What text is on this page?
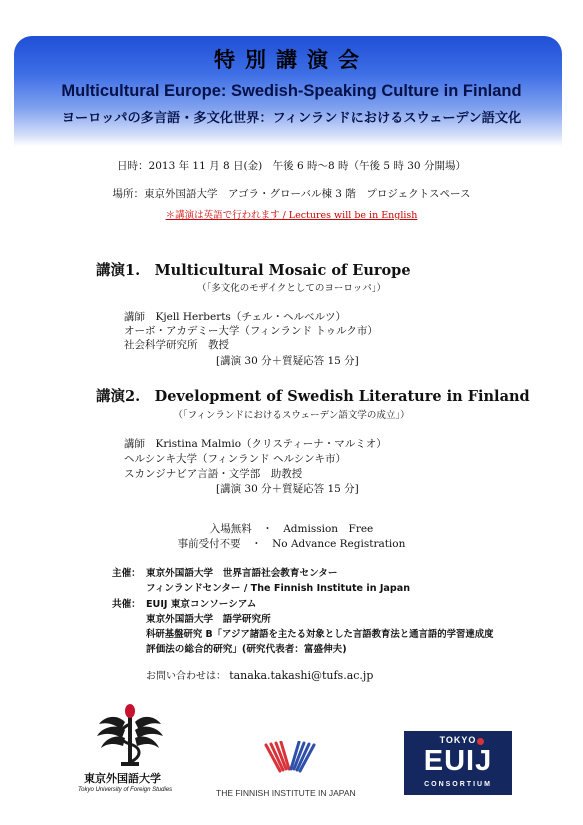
特別講演会
Multicultural Europe: Swedish-Speaking Culture in Finland
ヨーロッパの多言語・多文化世界：フィンランドにおけるスウェーデン語文化
日時：2013 年 11 月 8 日(金)　午後 6 時～8 時（午後 5 時 30 分開場）
場所：東京外国語大学　アゴラ・グローバル棟 3 階　プロジェクトスペース
＊講演は英語で行われます / Lectures will be in English
講演1.　Multicultural Mosaic of Europe
（「多文化のモザイクとしてのヨーロッパ」）
講師　Kjell Herberts（チェル・ヘルベルツ）
オーボ・アカデミー大学（フィンランド トゥルク市）
社会科学研究所　教授
[講演 30 分＋質疑応答 15 分]
講演2.　Development of Swedish Literature in Finland
（「フィンランドにおけるスウェーデン語文学の成立」）
講師　Kristina Malmio（クリスティーナ・マルミオ）
ヘルシンキ大学（フィンランド ヘルシンキ市）
スカンジナビア言語・文学部　助教授
[講演 30 分＋質疑応答 15 分]
入場無料　・　Admission　Free
事前受付不要　・　No Advance Registration
主催： 東京外国語大学　世界言語社会教育センター
フィンランドセンター / The Finnish Institute in Japan
共催： EUIJ 東京コンソーシアム
東京外国語大学　語学研究所
科研基盤研究 B「アジア諸語を主たる対象とした言語教育法と通言語的学習達成度
評価法の総合的研究」(研究代表者：富盛伸夫)
お問い合わせは： tanaka.takashi@tufs.ac.jp
東京外国語大学
Tokyo University of Foreign Studies	THE FINNISH INSTITUTE IN JAPAN
TOKYO
EUIJ
CONSORTIUM
